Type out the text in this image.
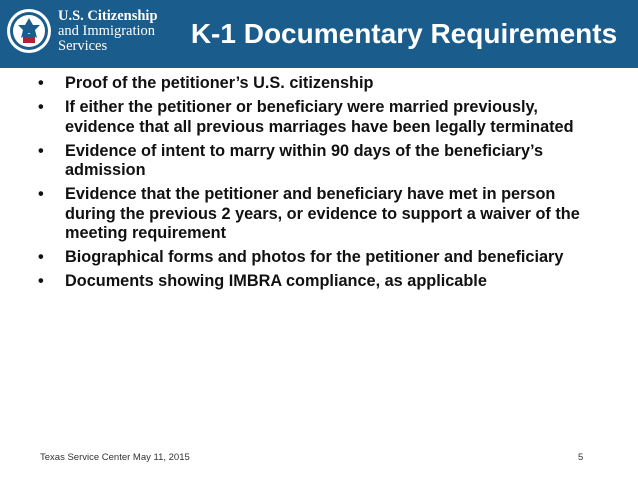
U.S. Citizenship
and Immigration
Services	K-1 Documentary Requirements
• Proof of the petitioner’s U.S. citizenship
• If either the petitioner or beneficiary were married previously, evidence that all previous marriages have been legally terminated
• Evidence of intent to marry within 90 days of the beneficiary’s admission
• Evidence that the petitioner and beneficiary have met in person during the previous 2 years, or evidence to support a waiver of the meeting requirement
• Biographical forms and photos for the petitioner and beneficiary
• Documents showing IMBRA compliance, as applicable
Texas Service Center May 11, 2015	5
